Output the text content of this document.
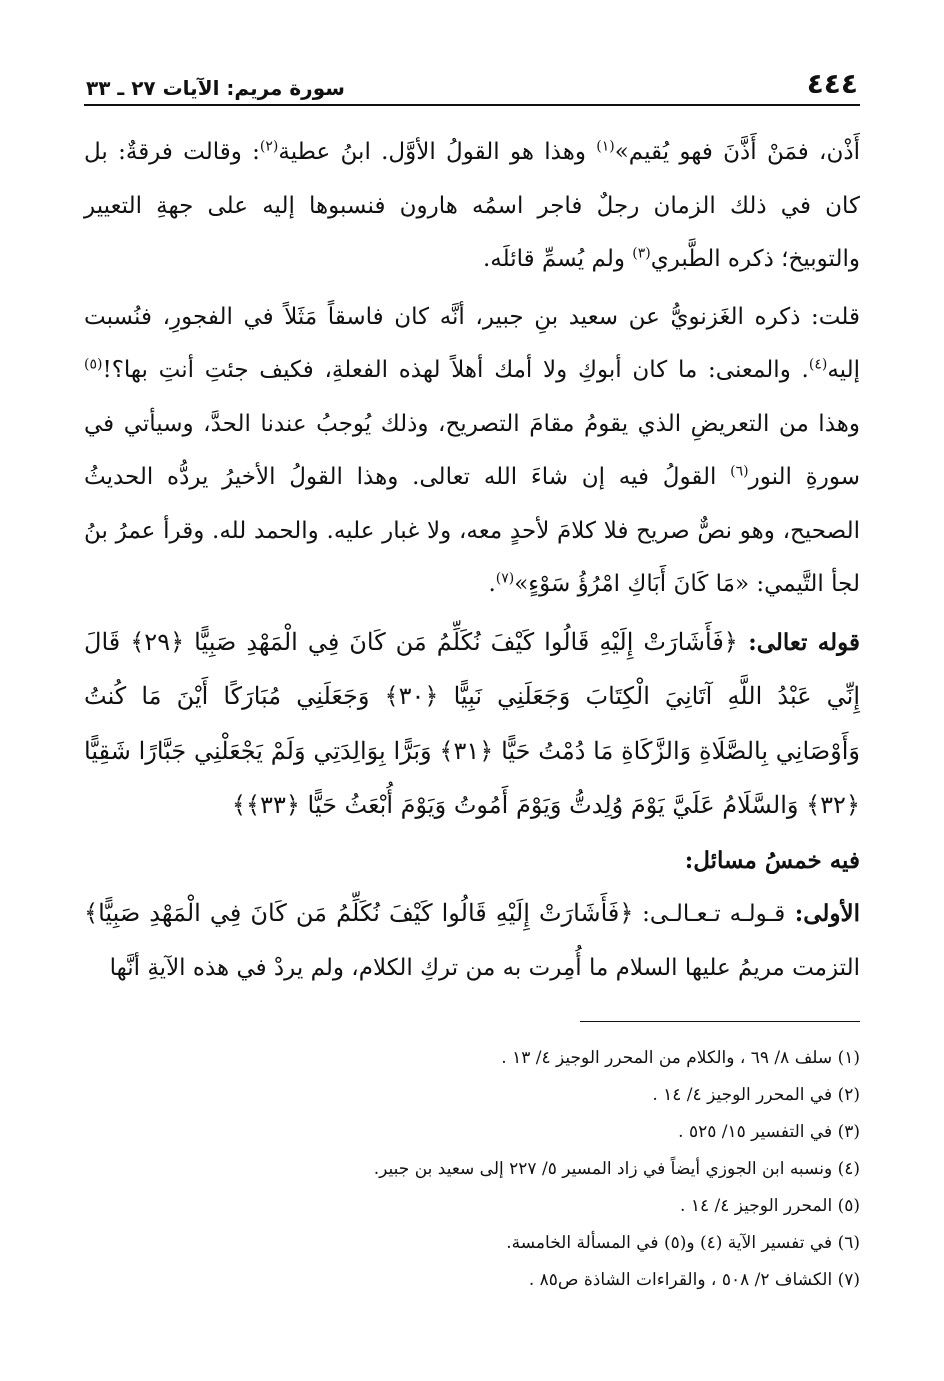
٤٤٤
سورة مريم: الآيات ٢٧ ـ ٣٣

أَذْن، فمَنْ أَذَّنَ فهو يُقيم»$^{(١)}$ وهذا هو القولُ الأوَّل. ابنُ عطية$^{(٢)}$: وقالت فرقةٌ: بل كان في ذلك الزمان رجلٌ فاجر اسمُه هارون فنسبوها إليه على جهةِ التعيير والتوبيخ؛ ذكره الطَّبري$^{(٣)}$ ولم يُسمِّ قائلَه.

قلت: ذكره الغَزنويُّ عن سعيد بنِ جبير، أنَّه كان فاسقاً مَثَلاً في الفجورِ، فنُسبت إليه$^{(٤)}$. والمعنى: ما كان أبوكِ ولا أمك أهلاً لهذه الفعلةِ، فكيف جئتِ أنتِ بها؟!$^{(٥)}$ وهذا من التعريضِ الذي يقومُ مقامَ التصريح، وذلك يُوجبُ عندنا الحدَّ، وسيأتي في سورةِ النور$^{(٦)}$ القولُ فيه إن شاءَ الله تعالى. وهذا القولُ الأخيرُ يردُّه الحديثُ الصحيح، وهو نصٌّ صريح فلا كلامَ لأحدٍ معه، ولا غبار عليه. والحمد لله. وقرأ عمرُ بنُ لجأ التَّيمي: «مَا كَانَ أَبَاكِ امْرُؤُ سَوْءٍ»$^{(٧)}$.

قوله تعالى: ﴿فَأَشَارَتْ إِلَيْهِ قَالُوا كَيْفَ نُكَلِّمُ مَن كَانَ فِي الْمَهْدِ صَبِيًّا ﴿٢٩﴾ قَالَ إِنِّي عَبْدُ اللَّهِ آتَانِيَ الْكِتَابَ وَجَعَلَنِي نَبِيًّا ﴿٣٠﴾ وَجَعَلَنِي مُبَارَكًا أَيْنَ مَا كُنتُ وَأَوْصَانِي بِالصَّلَاةِ وَالزَّكَاةِ مَا دُمْتُ حَيًّا ﴿٣١﴾ وَبَرًّا بِوَالِدَتِي وَلَمْ يَجْعَلْنِي جَبَّارًا شَقِيًّا ﴿٣٢﴾ وَالسَّلَامُ عَلَيَّ يَوْمَ وُلِدتُّ وَيَوْمَ أَمُوتُ وَيَوْمَ أُبْعَثُ حَيًّا ﴿٣٣﴾﴾

فيه خمسُ مسائل:

الأولى: قـولـه تـعـالـى: ﴿فَأَشَارَتْ إِلَيْهِ قَالُوا كَيْفَ نُكَلِّمُ مَن كَانَ فِي الْمَهْدِ صَبِيًّا﴾ التزمت مريمُ عليها السلام ما أُمِرت به من تركِ الكلام، ولم يردْ في هذه الآيةِ أنَّها

(١) سلف ٨/ ٦٩ ، والكلام من المحرر الوجيز ٤/ ١٣ .

(٢) في المحرر الوجيز ٤/ ١٤ .

(٣) في التفسير ١٥/ ٥٢٥ .

(٤) ونسبه ابن الجوزي أيضاً في زاد المسير ٥/ ٢٢٧ إلى سعيد بن جبير.

(٥) المحرر الوجيز ٤/ ١٤ .

(٦) في تفسير الآية (٤) و(٥) في المسألة الخامسة.

(٧) الكشاف ٢/ ٥٠٨ ، والقراءات الشاذة ص٨٥ .
